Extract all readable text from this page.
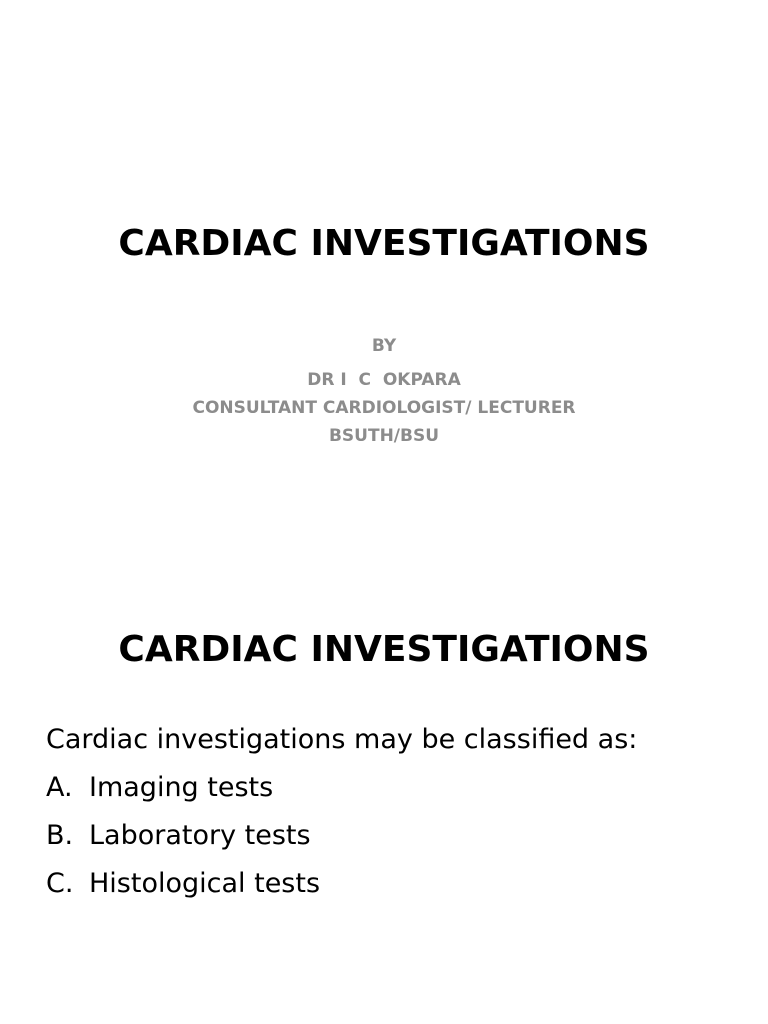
CARDIAC INVESTIGATIONS
BY
DR I  C  OKPARA
CONSULTANT CARDIOLOGIST/ LECTURER
BSUTH/BSU
CARDIAC INVESTIGATIONS
Cardiac investigations may be classified as:
A. Imaging tests
B. Laboratory tests
C. Histological tests
